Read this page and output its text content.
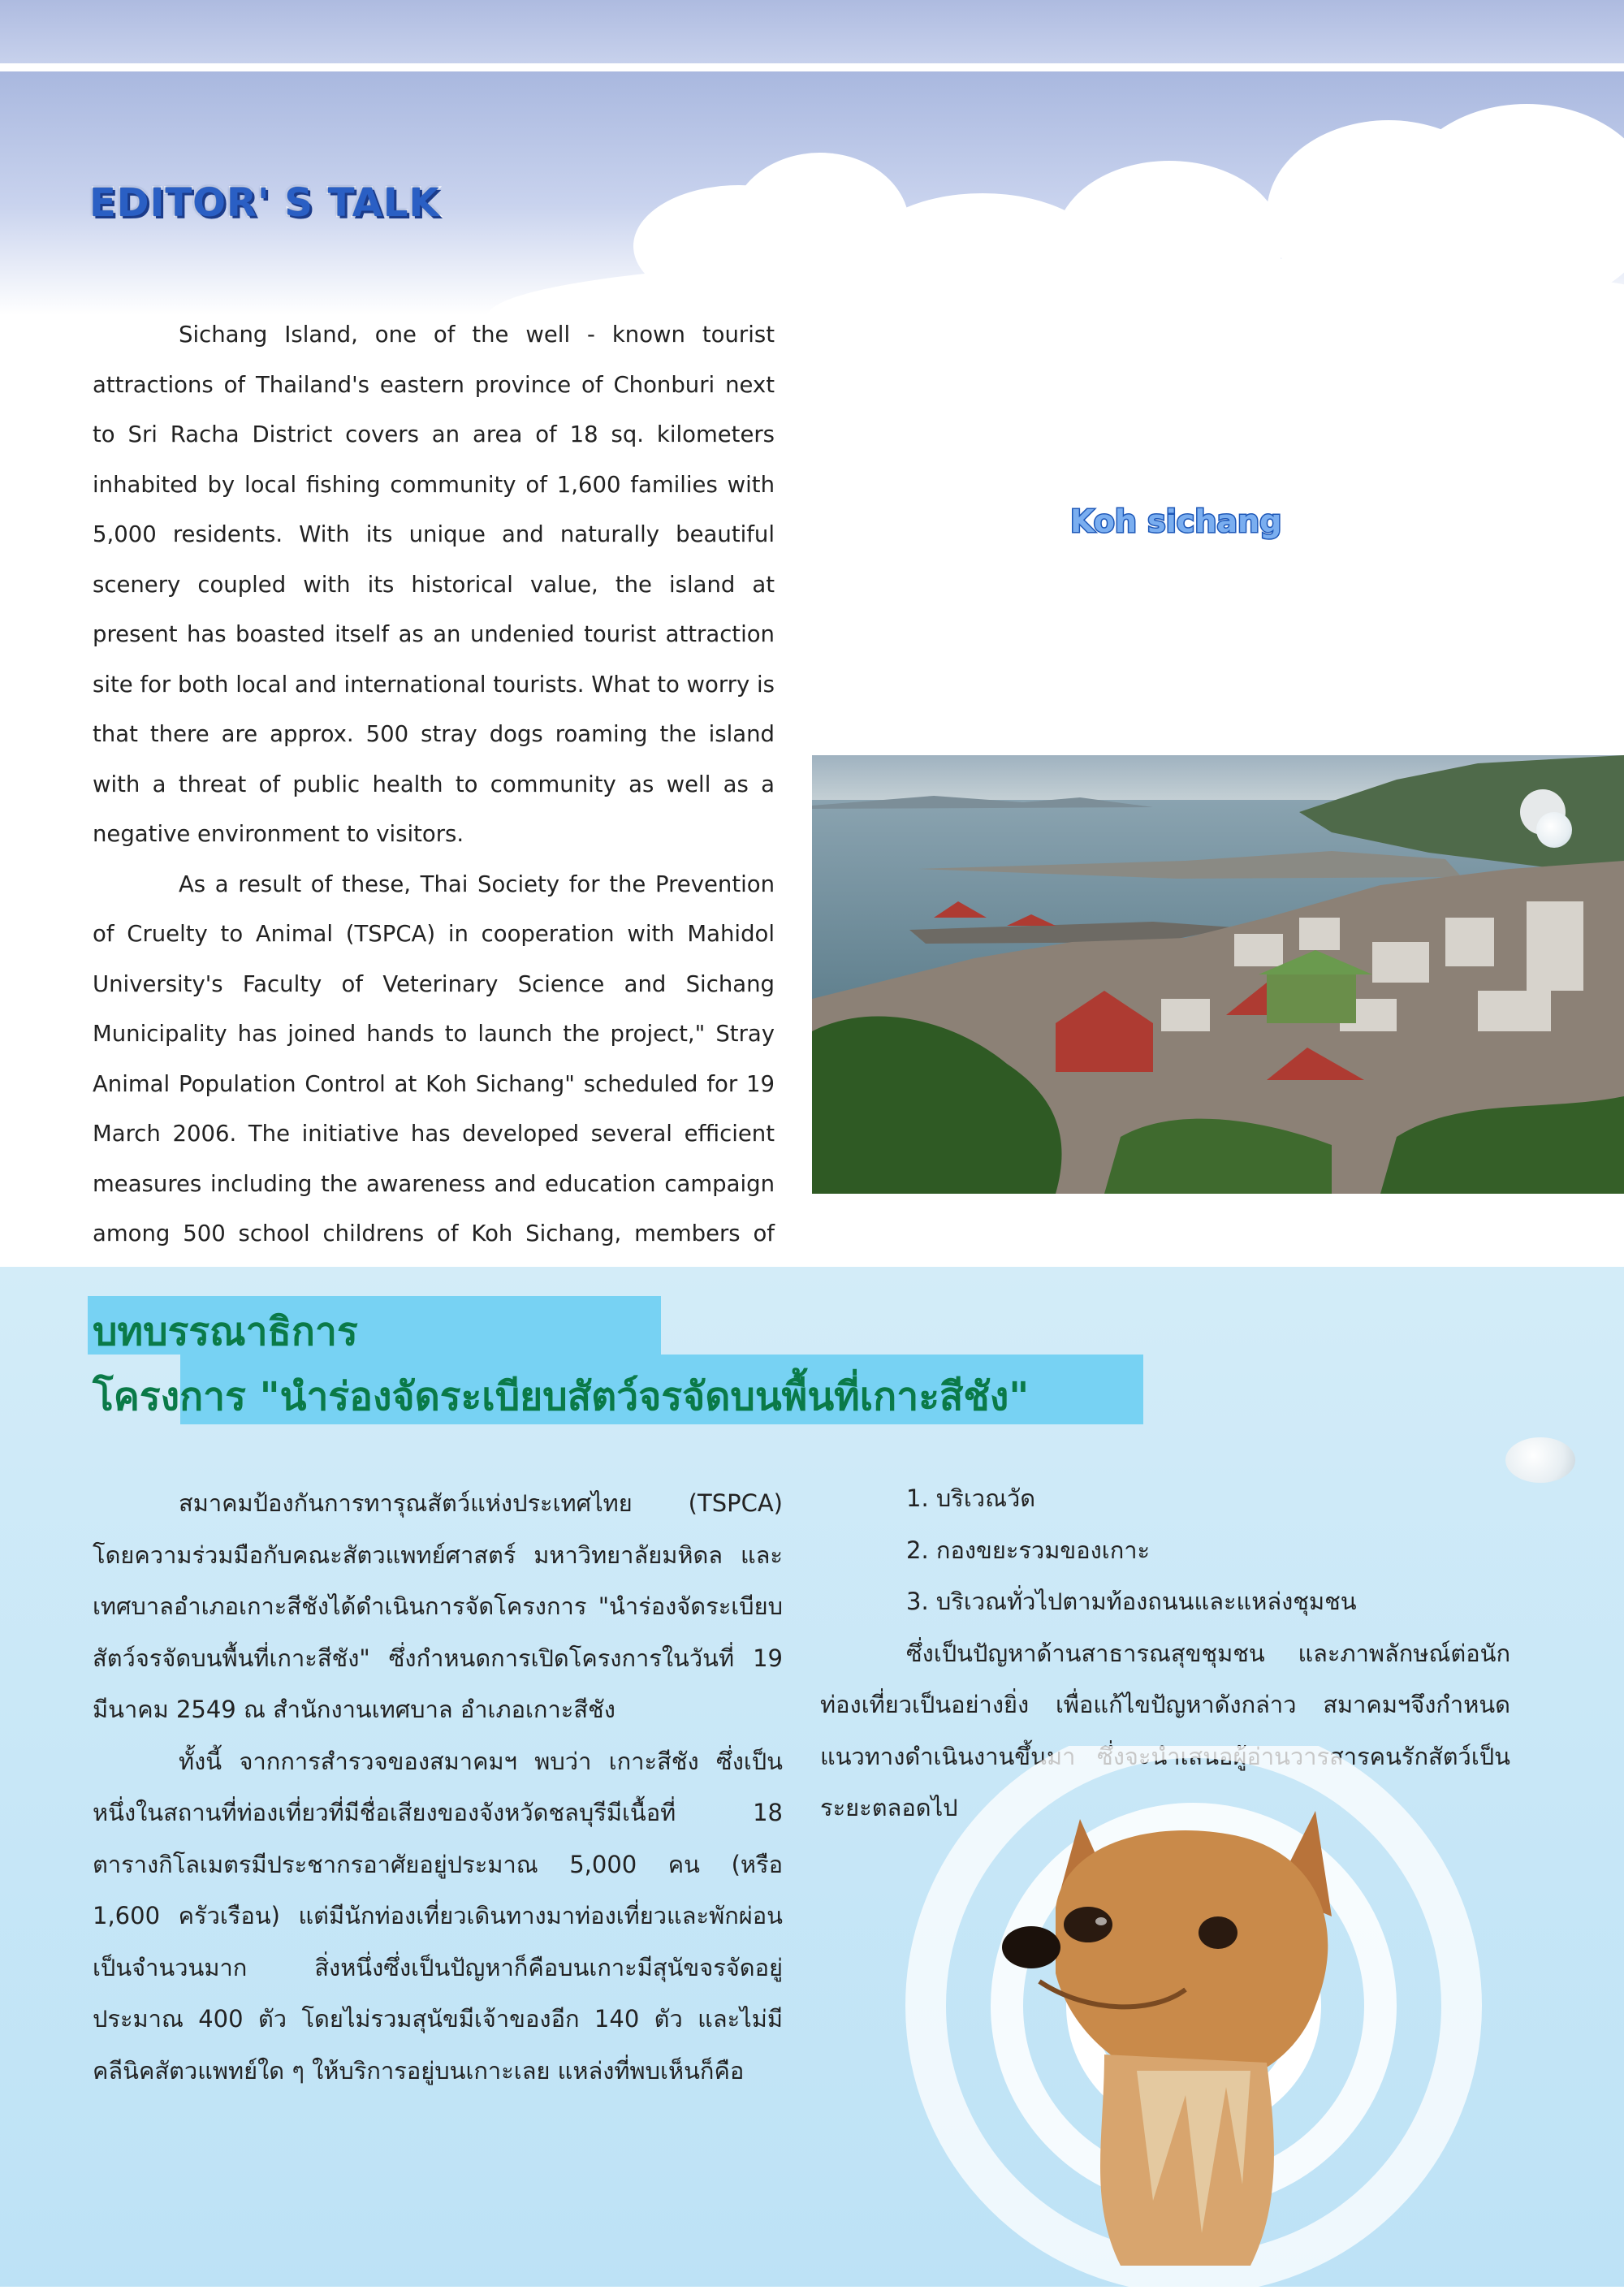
EDITOR' S TALK

Sichang Island, one of the well - known tourist attractions of Thailand's eastern province of Chonburi next to Sri Racha District covers an area of 18 sq. kilometers inhabited by local fishing community of 1,600 families with 5,000 residents. With its unique and naturally beautiful scenery coupled with its historical value, the island at present has boasted itself as an undenied tourist attraction site for both local and international tourists. What to worry is that there are approx. 500 stray dogs roaming the island with a threat of public health to community as well as a negative environment to visitors.

As a result of these, Thai Society for the Prevention of Cruelty to Animal (TSPCA) in cooperation with Mahidol University's Faculty of Veterinary Science and Sichang Municipality has joined hands to launch the project," Stray Animal Population Control at Koh Sichang" scheduled for 19 March 2006. The initiative has developed several efficient measures including the awareness and education campaign among 500 school childrens of Koh Sichang, members of

Koh sichang
บทบรรณาธิการ
โครงการ "นำร่องจัดระเบียบสัตว์จรจัดบนพื้นที่เกาะสีชัง"

สมาคมป้องกันการทารุณสัตว์แห่งประเทศไทย (TSPCA) โดยความร่วมมือกับคณะสัตวแพทย์ศาสตร์ มหาวิทยาลัยมหิดล และเทศบาลอำเภอเกาะสีชังได้ดำเนินการจัดโครงการ "นำร่องจัดระเบียบสัตว์จรจัดบนพื้นที่เกาะสีชัง" ซึ่งกำหนดการเปิดโครงการในวันที่ 19 มีนาคม 2549 ณ สำนักงานเทศบาล อำเภอเกาะสีชัง

ทั้งนี้ จากการสำรวจของสมาคมฯ พบว่า เกาะสีชัง ซึ่งเป็นหนึ่งในสถานที่ท่องเที่ยวที่มีชื่อเสียงของจังหวัดชลบุรีมีเนื้อที่ 18 ตารางกิโลเมตรมีประชากรอาศัยอยู่ประมาณ 5,000 คน (หรือ 1,600 ครัวเรือน) แต่มีนักท่องเที่ยวเดินทางมาท่องเที่ยวและพักผ่อนเป็นจำนวนมาก สิ่งหนึ่งซึ่งเป็นปัญหาก็คือบนเกาะมีสุนัขจรจัดอยู่ประมาณ 400 ตัว โดยไม่รวมสุนัขมีเจ้าของอีก 140 ตัว และไม่มีคลีนิคสัตวแพทย์ใด ๆ ให้บริการอยู่บนเกาะเลย แหล่งที่พบเห็นก็คือ

1. บริเวณวัด

2. กองขยะรวมของเกาะ

3. บริเวณทั่วไปตามท้องถนนและแหล่งชุมชน

ซึ่งเป็นปัญหาด้านสาธารณสุขชุมชน และภาพลักษณ์ต่อนักท่องเที่ยวเป็นอย่างยิ่ง เพื่อแก้ไขปัญหาดังกล่าว สมาคมฯจึงกำหนดแนวทางดำเนินงานขึ้นมา ซึ่งจะนำเสนอผู้อ่านวารสารคนรักสัตว์เป็นระยะตลอดไป
